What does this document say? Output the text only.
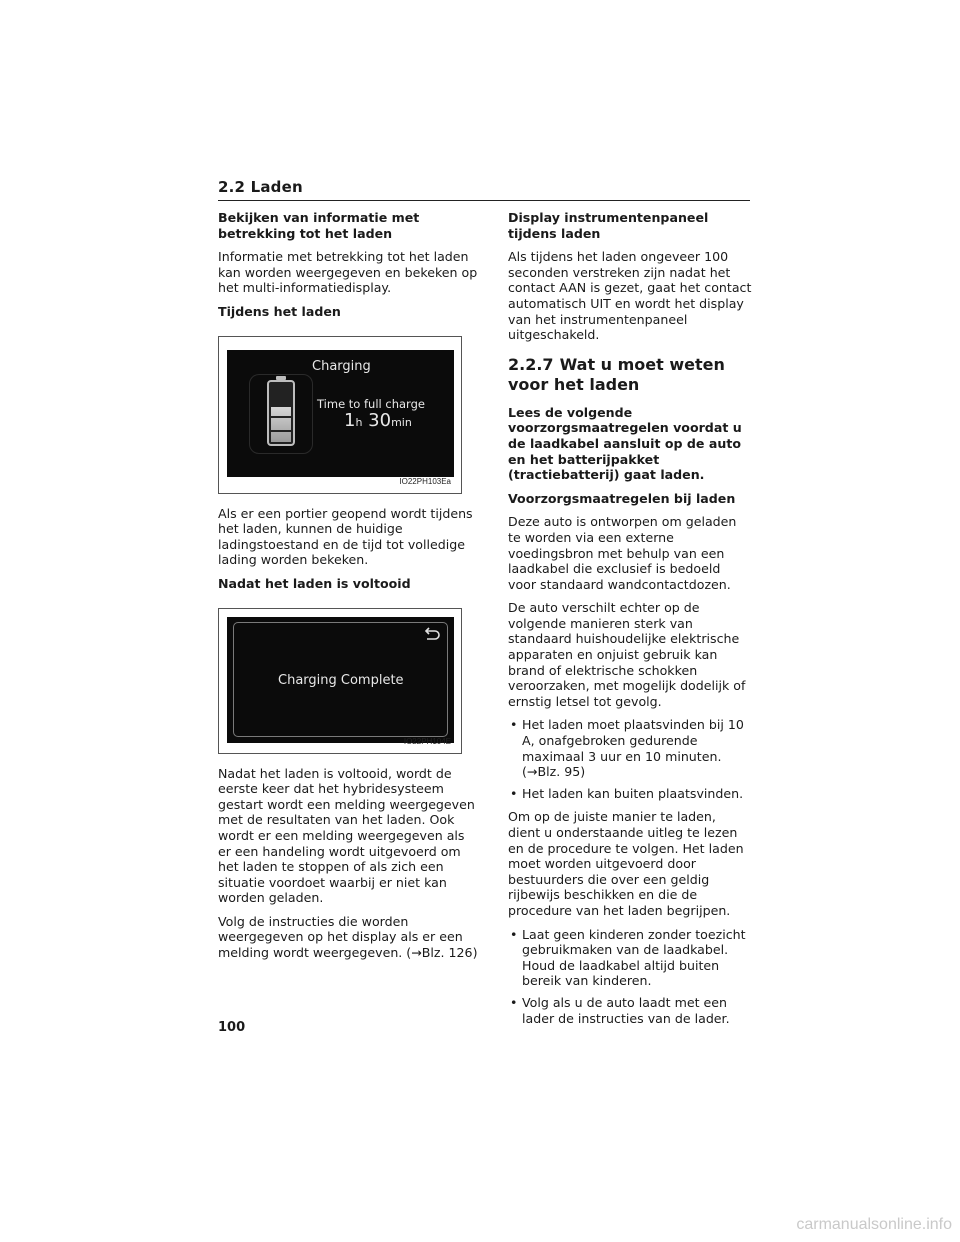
2.2 Laden
Bekijken van informatie met betrekking tot het laden

Informatie met betrekking tot het laden kan worden weergegeven en bekeken op het multi-informatiedisplay.

Tijdens het laden
Charging
Time to full charge
1h 30min
IO22PH103Ea

Als er een portier geopend wordt tijdens het laden, kunnen de huidige ladingstoestand en de tijd tot volledige lading worden bekeken.

Nadat het laden is voltooid
Charging Complete
IO22PH104E

Nadat het laden is voltooid, wordt de eerste keer dat het hybridesysteem gestart wordt een melding weergegeven met de resultaten van het laden. Ook wordt er een melding weergegeven als er een handeling wordt uitgevoerd om het laden te stoppen of als zich een situatie voordoet waarbij er niet kan worden geladen.

Volg de instructies die worden weergegeven op het display als er een melding wordt weergegeven. (→Blz. 126)

Display instrumentenpaneel tijdens laden

Als tijdens het laden ongeveer 100 seconden verstreken zijn nadat het contact AAN is gezet, gaat het contact automatisch UIT en wordt het display van het instrumentenpaneel uitgeschakeld.

2.2.7 Wat u moet weten voor het laden
Lees de volgende voorzorgsmaatregelen voordat u de laadkabel aansluit op de auto en het batterijpakket (tractiebatterij) gaat laden.
Voorzorgsmaatregelen bij laden

Deze auto is ontworpen om geladen te worden via een externe voedingsbron met behulp van een laadkabel die exclusief is bedoeld voor standaard wandcontactdozen.

De auto verschilt echter op de volgende manieren sterk van standaard huishoudelijke elektrische apparaten en onjuist gebruik kan brand of elektrische schokken veroorzaken, met mogelijk dodelijk of ernstig letsel tot gevolg.

• Het laden moet plaatsvinden bij 10 A, onafgebroken gedurende maximaal 3 uur en 10 minuten. (→Blz. 95)
• Het laden kan buiten plaatsvinden.

Om op de juiste manier te laden, dient u onderstaande uitleg te lezen en de procedure te volgen. Het laden moet worden uitgevoerd door bestuurders die over een geldig rijbewijs beschikken en die de procedure van het laden begrijpen.

• Laat geen kinderen zonder toezicht gebruikmaken van de laadkabel. Houd de laadkabel altijd buiten bereik van kinderen.
• Volg als u de auto laadt met een lader de instructies van de lader.
100
carmanualsonline.info
